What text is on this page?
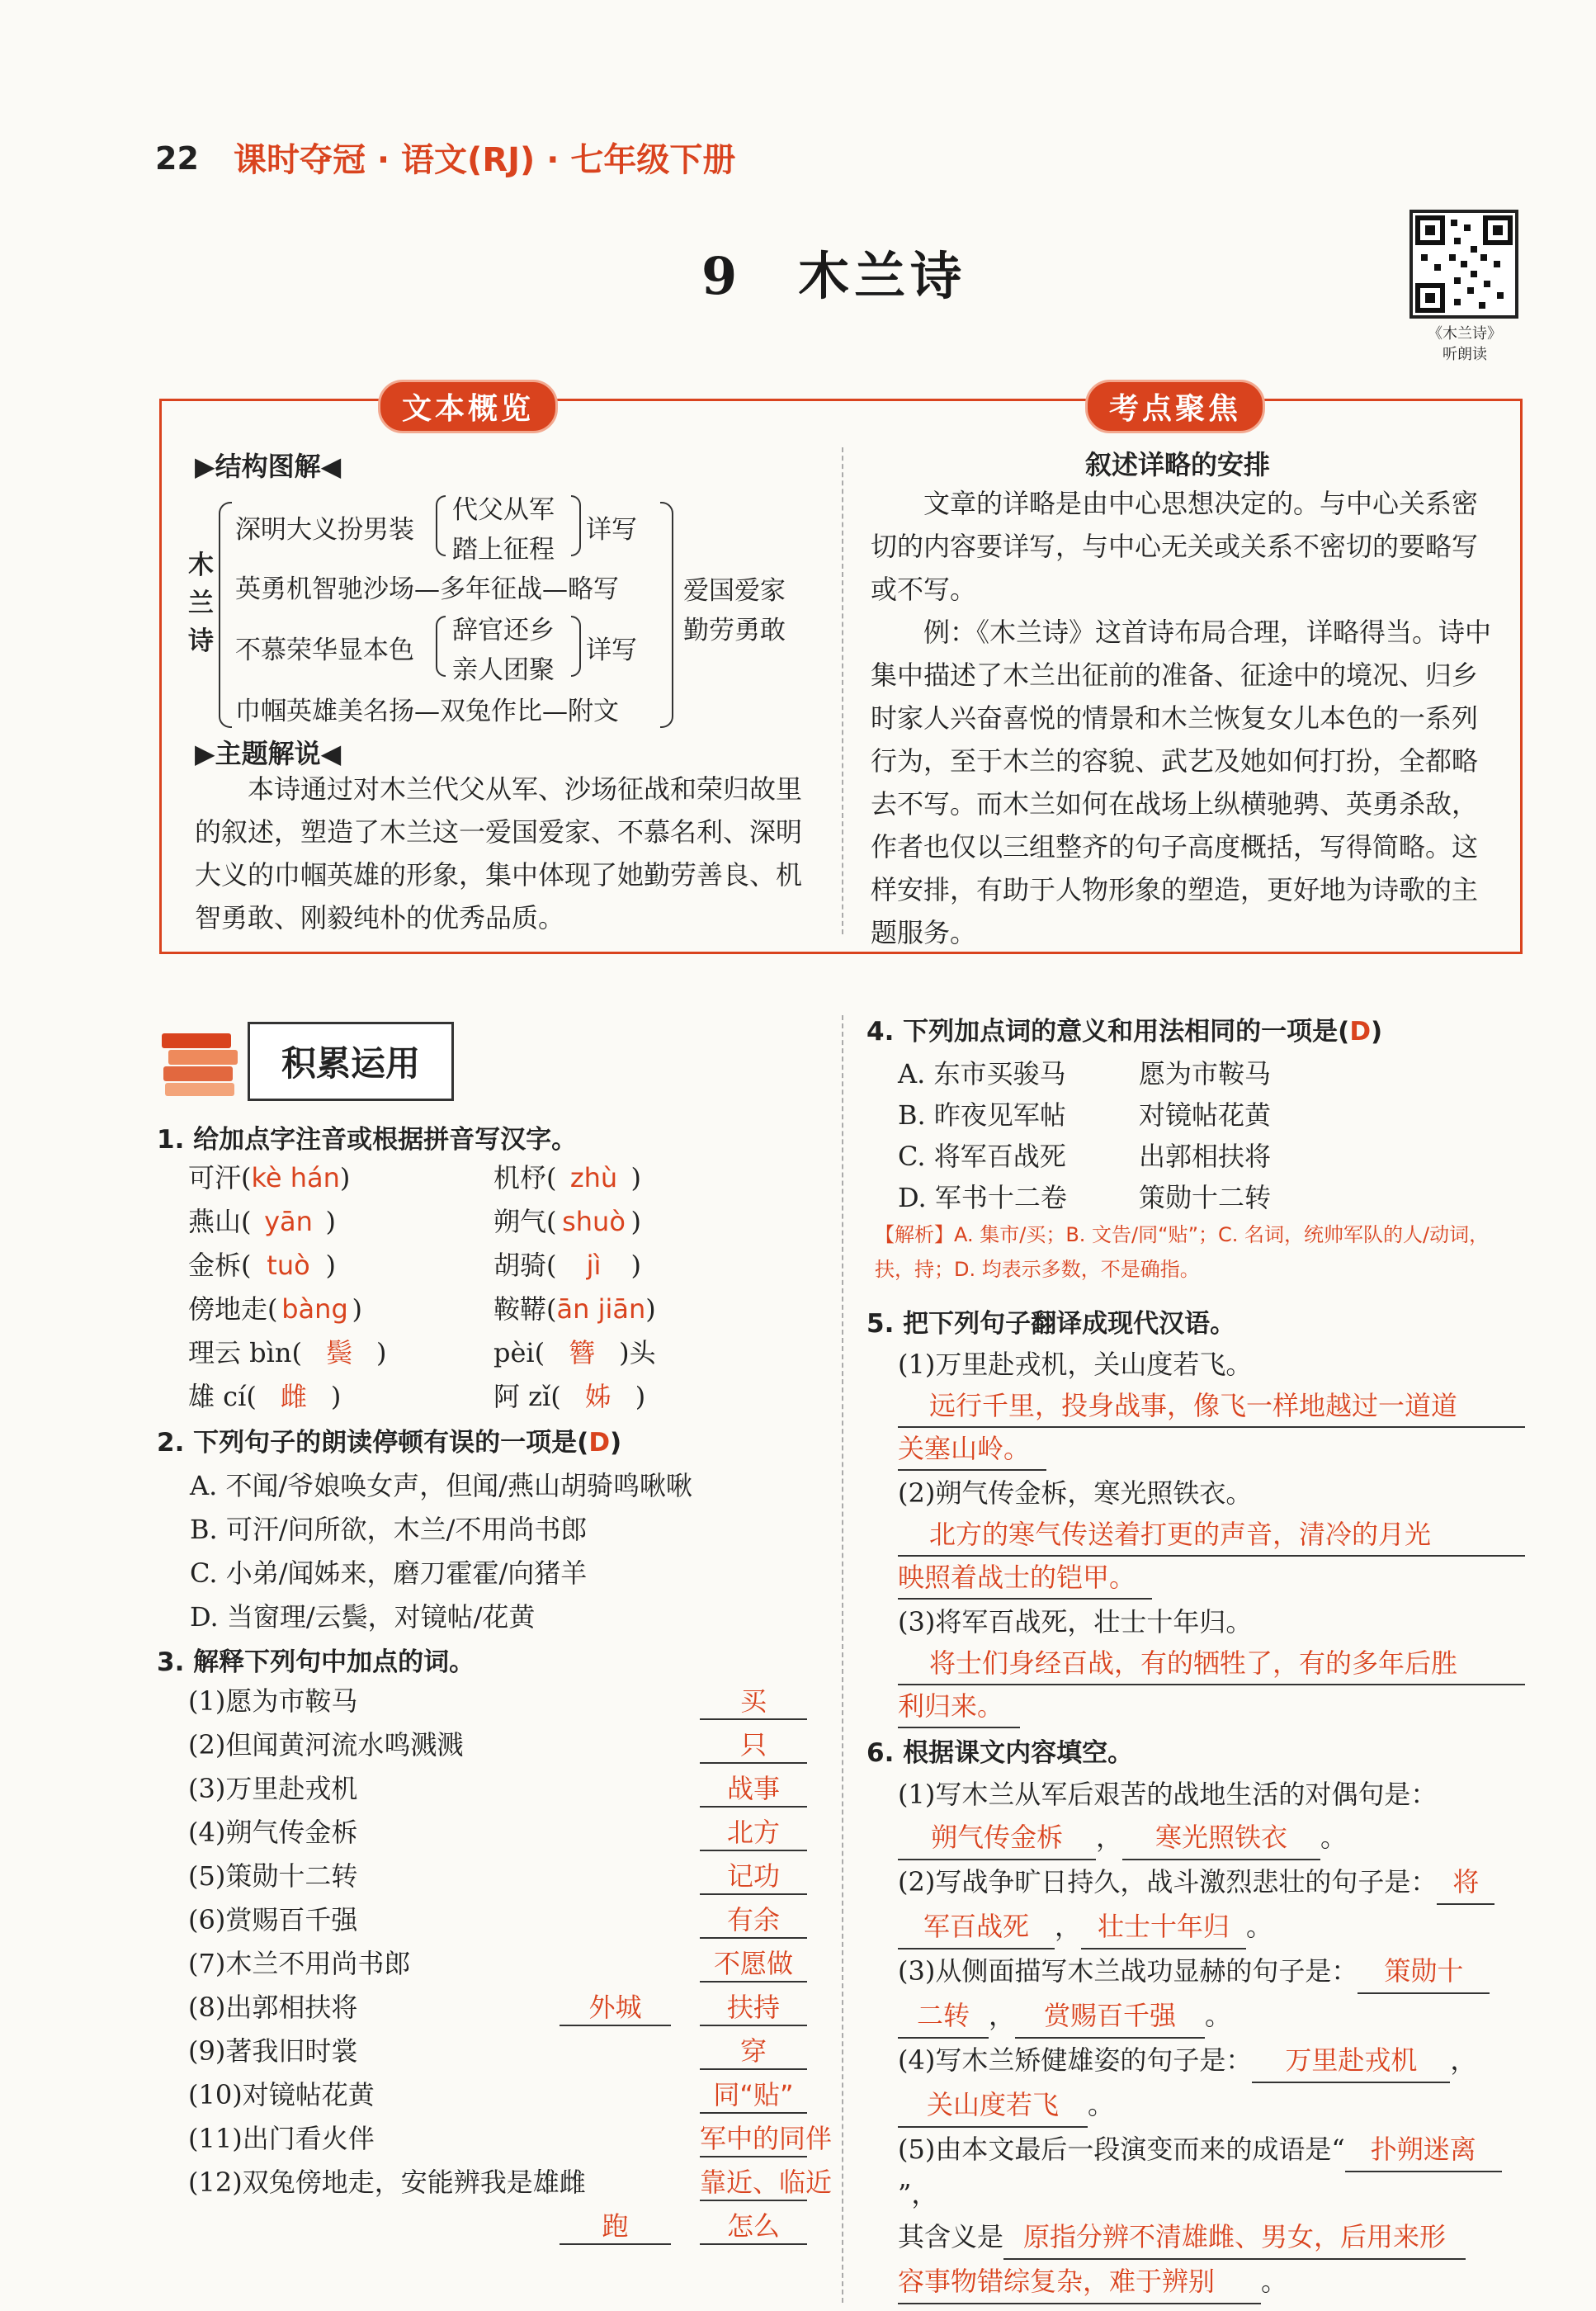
22 课时夺冠 · 语文(RJ) · 七年级下册
9　木兰诗
《木兰诗》
听朗读
文本概览	考点聚焦
▶结构图解◀
木
兰
诗
深明大义扮男装
代父从军
踏上征程
详写
英勇机智驰沙场—多年征战—略写
不慕荣华显本色
辞官还乡
亲人团聚
详写
巾帼英雄美名扬—双兔作比—附文
爱国爱家
勤劳勇敢
▶主题解说◀
　　本诗通过对木兰代父从军、沙场征战和荣归故里的叙述，塑造了木兰这一爱国爱家、不慕名利、深明大义的巾帼英雄的形象，集中体现了她勤劳善良、机智勇敢、刚毅纯朴的优秀品质。
叙述详略的安排
　　文章的详略是由中心思想决定的。与中心关系密切的内容要详写，与中心无关或关系不密切的要略写或不写。
　　例：《木兰诗》这首诗布局合理，详略得当。诗中集中描述了木兰出征前的准备、征途中的境况、归乡时家人兴奋喜悦的情景和木兰恢复女儿本色的一系列行为，至于木兰的容貌、武艺及她如何打扮，全都略去不写。而木兰如何在战场上纵横驰骋、英勇杀敌，作者也仅以三组整齐的句子高度概括，写得简略。这样安排，有助于人物形象的塑造，更好地为诗歌的主题服务。
积累运用
1. 给加点字注音或根据拼音写汉字。
可汗(kè hán)	机杼( zhù )
燕山( yān )	朔气( shuò )
金柝( tuò )	胡骑( jì )
傍地走( bàng )	鞍鞯(ān jiān)
理云 bìn( 鬓 )	pèi( 簪 )头
雄 cí( 雌 )	阿 zǐ( 姊 )
2. 下列句子的朗读停顿有误的一项是(D)
A. 不闻/爷娘唤女声，但闻/燕山胡骑鸣啾啾
B. 可汗/问所欲，木兰/不用尚书郎
C. 小弟/闻姊来，磨刀霍霍/向猪羊
D. 当窗理/云鬓，对镜帖/花黄
3. 解释下列句中加点的词。
(1)愿为市鞍马	买
(2)但闻黄河流水鸣溅溅	只
(3)万里赴戎机	战事
(4)朔气传金柝	北方
(5)策勋十二转	记功
(6)赏赐百千强	有余
(7)木兰不用尚书郎	不愿做
(8)出郭相扶将	外城	扶持
(9)著我旧时裳	穿
(10)对镜帖花黄	同“贴”
(11)出门看火伴	军中的同伴
(12)双兔傍地走，安能辨我是雄雌	靠近、临近
跑	怎么
4. 下列加点词的意义和用法相同的一项是(D)
A. 东市买骏马	愿为市鞍马
B. 昨夜见军帖	对镜帖花黄
C. 将军百战死	出郭相扶将
D. 军书十二卷	策勋十二转
【解析】A. 集市/买；B. 文告/同“贴”；C. 名词，统帅军队的人/动词，扶，持；D. 均表示多数，不是确指。
5. 把下列句子翻译成现代汉语。
(1)万里赴戎机，关山度若飞。
远行千里，投身战事，像飞一样地越过一道道
关塞山岭。
(2)朔气传金柝，寒光照铁衣。
北方的寒气传送着打更的声音，清冷的月光
映照着战士的铠甲。
(3)将军百战死，壮士十年归。
将士们身经百战，有的牺牲了，有的多年后胜
利归来。
6. 根据课文内容填空。
(1)写木兰从军后艰苦的战地生活的对偶句是：
朔气传金柝 ， 寒光照铁衣 。
(2)写战争旷日持久，战斗激烈悲壮的句子是： 将
军百战死 ， 壮士十年归 。
(3)从侧面描写木兰战功显赫的句子是： 策勋十
二转 ， 赏赐百千强 。
(4)写木兰矫健雄姿的句子是： 万里赴戎机 ，
关山度若飞 。
(5)由本文最后一段演变而来的成语是“ 扑朔迷离”，
其含义是 原指分辨不清雄雌、男女，后用来形
容事物错综复杂，难于辨别 。
